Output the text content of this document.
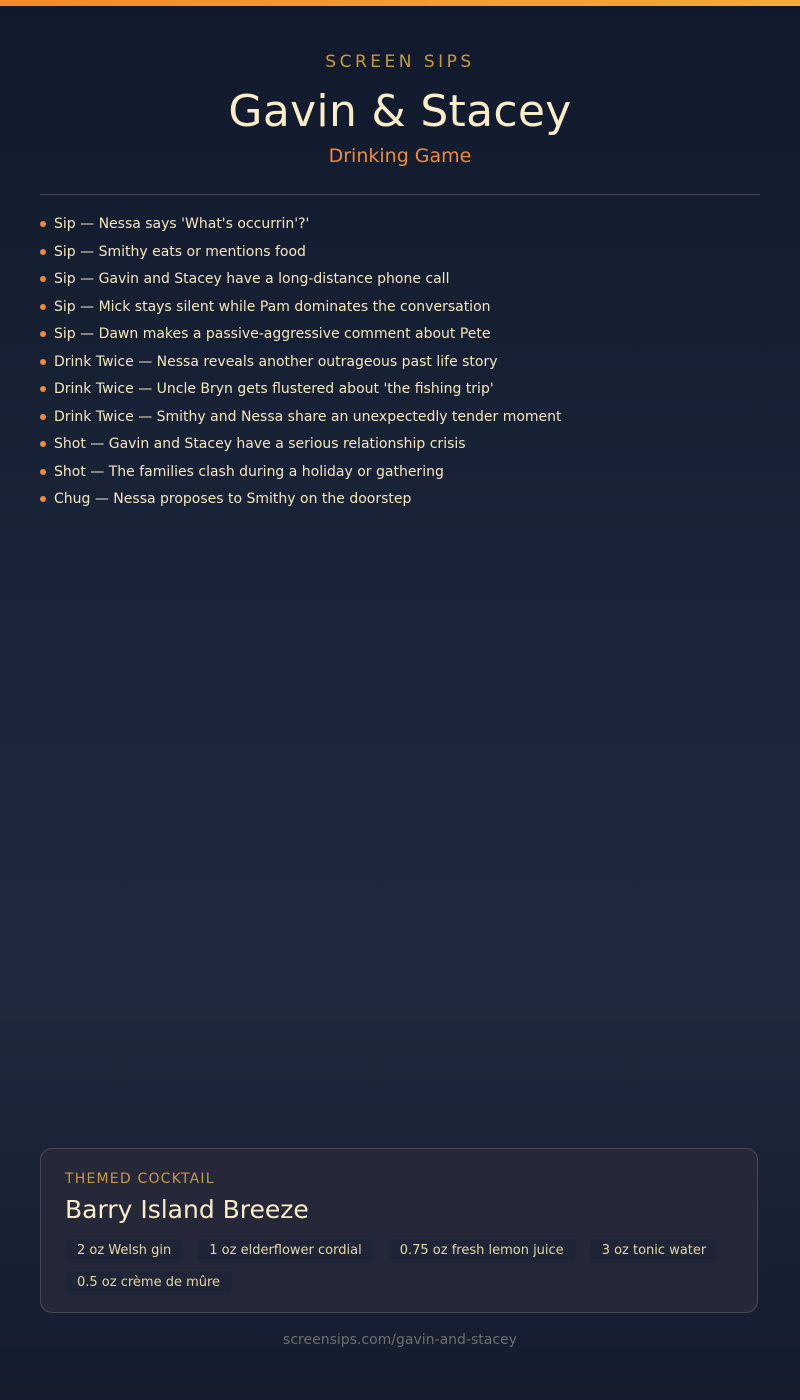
SCREEN SIPS
Gavin & Stacey
Drinking Game
Sip — Nessa says 'What's occurrin'?'
Sip — Smithy eats or mentions food
Sip — Gavin and Stacey have a long-distance phone call
Sip — Mick stays silent while Pam dominates the conversation
Sip — Dawn makes a passive-aggressive comment about Pete
Drink Twice — Nessa reveals another outrageous past life story
Drink Twice — Uncle Bryn gets flustered about 'the fishing trip'
Drink Twice — Smithy and Nessa share an unexpectedly tender moment
Shot — Gavin and Stacey have a serious relationship crisis
Shot — The families clash during a holiday or gathering
Chug — Nessa proposes to Smithy on the doorstep
THEMED COCKTAIL
Barry Island Breeze
2 oz Welsh gin	1 oz elderflower cordial	0.75 oz fresh lemon juice	3 oz tonic water
0.5 oz crème de mûre
screensips.com/gavin-and-stacey
